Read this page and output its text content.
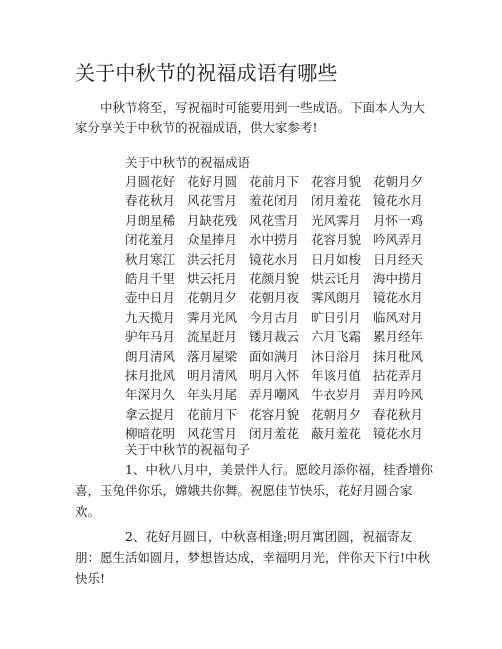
关于中秋节的祝福成语有哪些

中秋节将至，写祝福时可能要用到一些成语。下面本人为大家分享关于中秋节的祝福成语，供大家参考!

关于中秋节的祝福成语

月圆花好 花好月圆 花前月下 花容月貌 花朝月夕
春花秋月 风花雪月 羞花闭月 闭月羞花 镜花水月
月朗星稀 月缺花残 风花雪月 光风霁月 月怀一鸡
闭花羞月 众星捧月 水中捞月 花容月貌 吟风弄月
秋月寒江 洪云托月 镜花水月 日月如梭 日月经天
皓月千里 烘云托月 花颜月貌 烘云讬月 海中捞月
壶中日月 花朝月夕 花朝月夜 霁风朗月 镜花水月
九天揽月 霁月光风 今月古月 旷日引月 临风对月
驴年马月 流星赶月 镂月裁云 六月飞霜 累月经年
朗月清风 落月屋梁 面如满月 沐日浴月 抹月秕风
抹月批风 明月清风 明月入怀 年该月值 拈花弄月
年深月久 年头月尾 弄月嘲风 牛衣岁月 弄月吟风
拿云捉月 花前月下 花容月貌 花朝月夕 春花秋月
柳暗花明 风花雪月 闭月羞花 蔽月羞花 镜花水月

关于中秋节的祝福句子

1、中秋八月中，美景伴人行。愿皎月添你福，桂香增你喜，玉兔伴你乐，嫦娥共你舞。祝愿佳节快乐，花好月圆合家欢。

2、花好月圆日，中秋喜相逢;明月寓团圆，祝福寄友朋：愿生活如圆月，梦想皆达成，幸福明月光，伴你天下行!中秋快乐!
